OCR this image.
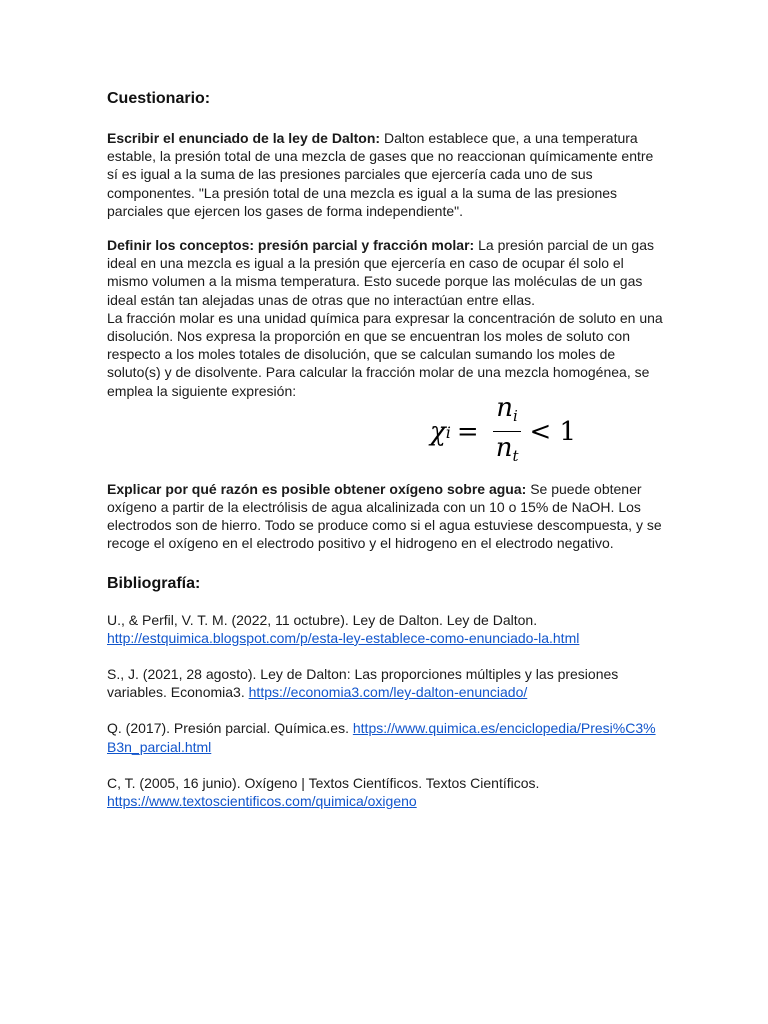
Cuestionario:

Escribir el enunciado de la ley de Dalton: Dalton establece que, a una temperatura estable, la presión total de una mezcla de gases que no reaccionan químicamente entre sí es igual a la suma de las presiones parciales que ejercería cada uno de sus componentes. "La presión total de una mezcla es igual a la suma de las presiones parciales que ejercen los gases de forma independiente".

Definir los conceptos: presión parcial y fracción molar: La presión parcial de un gas ideal en una mezcla es igual a la presión que ejercería en caso de ocupar él solo el mismo volumen a la misma temperatura. Esto sucede porque las moléculas de un gas ideal están tan alejadas unas de otras que no interactúan entre ellas.

La fracción molar es una unidad química para expresar la concentración de soluto en una disolución. Nos expresa la proporción en que se encuentran los moles de soluto con respecto a los moles totales de disolución, que se calculan sumando los moles de soluto(s) y de disolvente. Para calcular la fracción molar de una mezcla homogénea, se emplea la siguiente expresión:

Explicar por qué razón es posible obtener oxígeno sobre agua: Se puede obtener oxígeno a partir de la electrólisis de agua alcalinizada con un 10 o 15% de NaOH. Los electrodos son de hierro. Todo se produce como si el agua estuviese descompuesta, y se recoge el oxígeno en el electrodo positivo y el hidrogeno en el electrodo negativo.

Bibliografía:

U., & Perfil, V. T. M. (2022, 11 octubre). Ley de Dalton. Ley de Dalton. http://estquimica.blogspot.com/p/esta-ley-establece-como-enunciado-la.html

S., J. (2021, 28 agosto). Ley de Dalton: Las proporciones múltiples y las presiones variables. Economia3. https://economia3.com/ley-dalton-enunciado/

Q. (2017). Presión parcial. Química.es. https://www.quimica.es/enciclopedia/Presi%C3%B3n_parcial.html

C, T. (2005, 16 junio). Oxígeno | Textos Científicos. Textos Científicos. https://www.textoscientificos.com/quimica/oxigeno

χ $i = \frac{ni}{nt} < 1$
